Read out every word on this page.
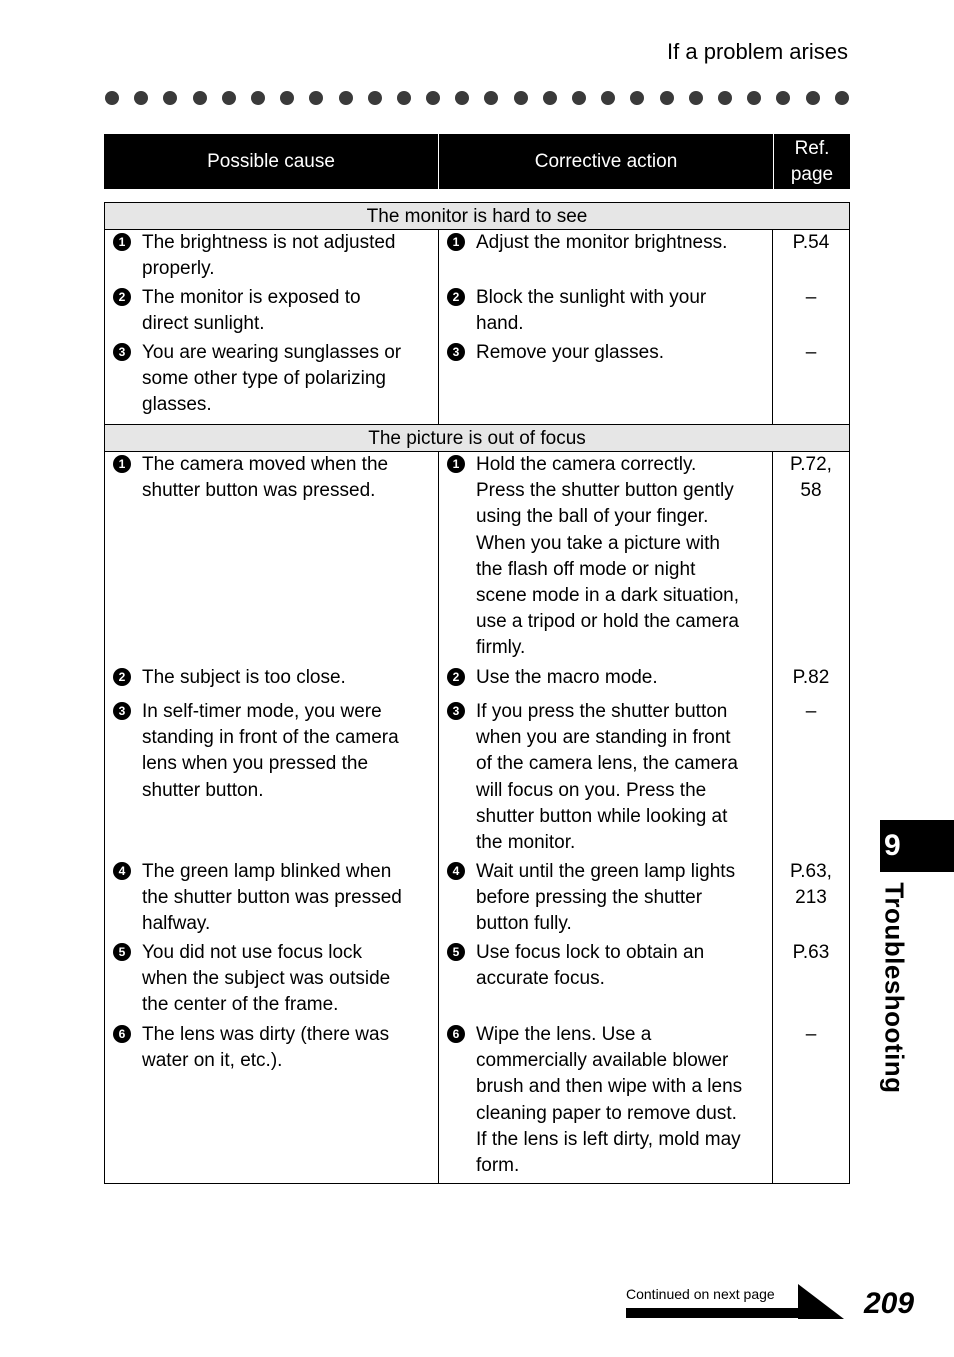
If a problem arises
Possible cause	Corrective action
Ref.
page
The monitor is hard to see
1 The brightness is not adjusted
properly.
2 The monitor is exposed to
direct sunlight.
3 You are wearing sunglasses or
some other type of polarizing
glasses.
1 Adjust the monitor brightness.
2 Block the sunlight with your
hand.
3 Remove your glasses.
P.54
–
–
The picture is out of focus
1 The camera moved when the
shutter button was pressed.
2 The subject is too close.
3 In self-timer mode, you were
standing in front of the camera
lens when you pressed the
shutter button.
4 The green lamp blinked when
the shutter button was pressed
halfway.
5 You did not use focus lock
when the subject was outside
the center of the frame.
6 The lens was dirty (there was
water on it, etc.).
1 Hold the camera correctly.
Press the shutter button gently
using the ball of your finger.
When you take a picture with
the flash off mode or night
scene mode in a dark situation,
use a tripod or hold the camera
firmly.
2 Use the macro mode.
3 If you press the shutter button
when you are standing in front
of the camera lens, the camera
will focus on you. Press the
shutter button while looking at
the monitor.
4 Wait until the green lamp lights
before pressing the shutter
button fully.
5 Use focus lock to obtain an
accurate focus.
6 Wipe the lens. Use a
commercially available blower
brush and then wipe with a lens
cleaning paper to remove dust.
If the lens is left dirty, mold may
form.
P.72,
58
P.82
–
P.63,
213
P.63
–
9
Troubleshooting
Continued on next page	209
